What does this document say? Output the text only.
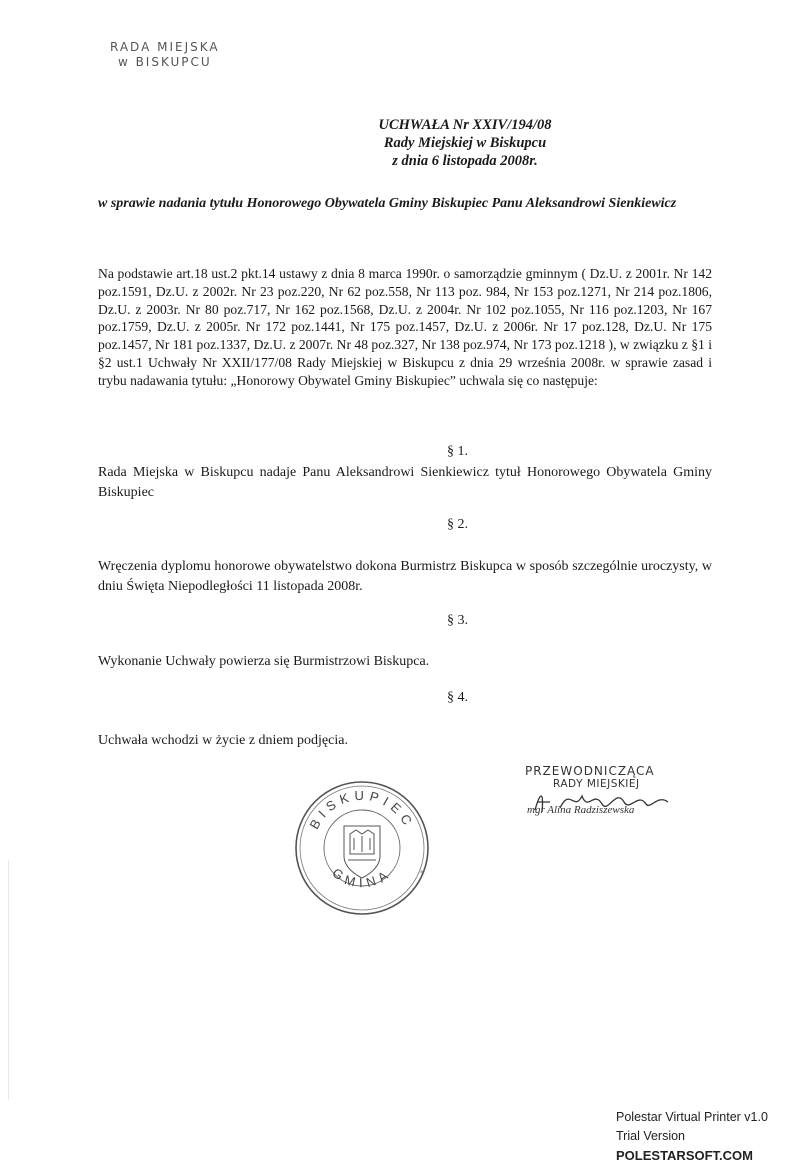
RADA MIEJSKA
w BISKUPCU
UCHWAŁA Nr XXIV/194/08
Rady Miejskiej w Biskupcu
z dnia 6 listopada 2008r.
w sprawie nadania tytułu Honorowego Obywatela Gminy Biskupiec Panu Aleksandrowi Sienkiewicz
Na podstawie art.18 ust.2 pkt.14 ustawy z dnia 8 marca 1990r. o samorządzie gminnym ( Dz.U. z 2001r. Nr 142 poz.1591, Dz.U. z 2002r. Nr 23 poz.220, Nr 62 poz.558, Nr 113 poz. 984, Nr 153 poz.1271, Nr 214 poz.1806, Dz.U. z 2003r. Nr 80 poz.717, Nr 162 poz.1568, Dz.U. z 2004r. Nr 102 poz.1055, Nr 116 poz.1203, Nr 167 poz.1759, Dz.U. z 2005r. Nr 172 poz.1441, Nr 175 poz.1457, Dz.U. z 2006r. Nr 17 poz.128, Dz.U. Nr 175 poz.1457, Nr 181 poz.1337, Dz.U. z 2007r. Nr 48 poz.327, Nr 138 poz.974, Nr 173 poz.1218 ), w związku z §1 i §2 ust.1 Uchwały Nr XXII/177/08 Rady Miejskiej w Biskupcu z dnia 29 września 2008r. w sprawie zasad i trybu nadawania tytułu: „Honorowy Obywatel Gminy Biskupiec” uchwala się co następuje:
§ 1.
Rada Miejska w Biskupcu nadaje Panu Aleksandrowi Sienkiewicz tytuł Honorowego Obywatela Gminy Biskupiec
§ 2.
Wręczenia dyplomu honorowe obywatelstwo dokona Burmistrz Biskupca w sposób szczególnie uroczysty, w dniu Święta Niepodległości 11 listopada 2008r.
§ 3.
Wykonanie Uchwały powierza się Burmistrzowi Biskupca.
§ 4.
Uchwała wchodzi w życie z dniem podjęcia.
PRZEWODNICZĄCA
RADY MIEJSKIEJ
mgr Alina Radziszewska
BISKUPIEC
GMINA	*
Polestar Virtual Printer v1.0
Trial Version
POLESTARSOFT.COM
